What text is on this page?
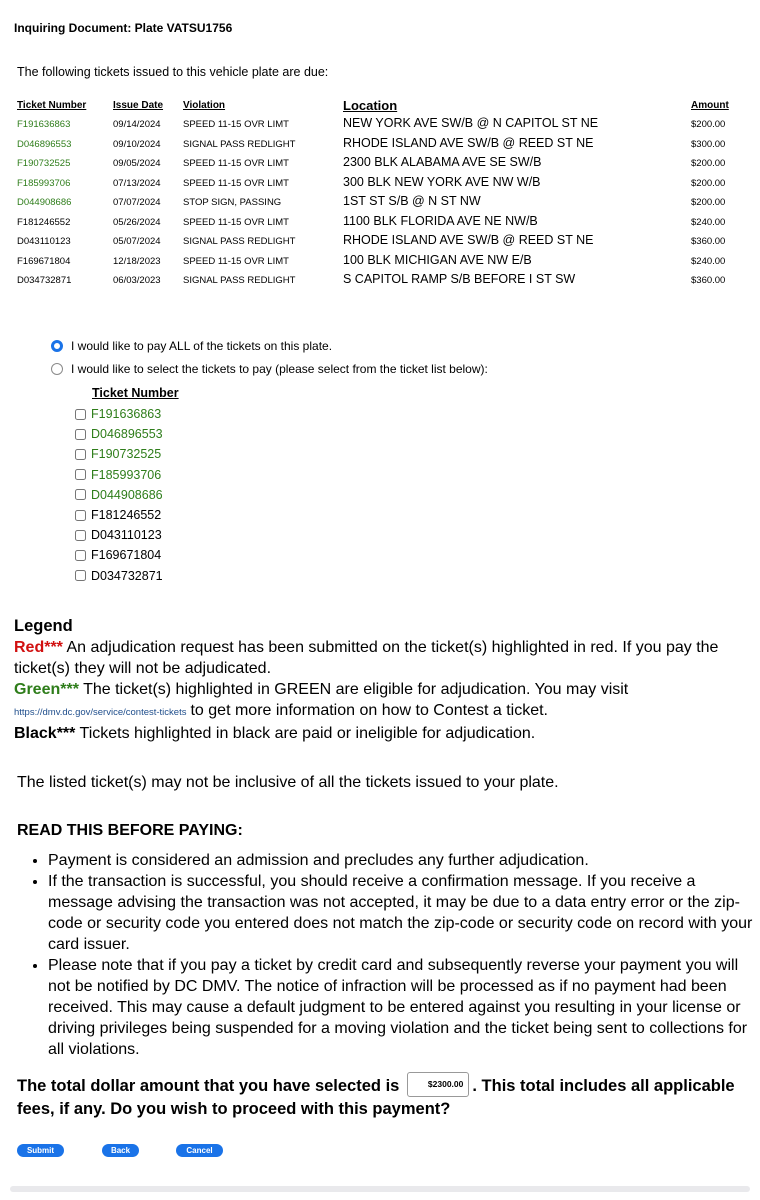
Inquiring Document: Plate VATSU1756
The following tickets issued to this vehicle plate are due:
Ticket Number	Issue Date Violation	Location	Amount
F191636863	09/14/2024 SPEED 11-15 OVR LIMT	NEW YORK AVE SW/B @ N CAPITOL ST NE	$200.00
D046896553	09/10/2024 SIGNAL PASS REDLIGHT	RHODE ISLAND AVE SW/B @ REED ST NE	$300.00
F190732525	09/05/2024 SPEED 11-15 OVR LIMT	2300 BLK ALABAMA AVE SE SW/B	$200.00
F185993706	07/13/2024 SPEED 11-15 OVR LIMT	300 BLK NEW YORK AVE NW W/B	$200.00
D044908686	07/07/2024 STOP SIGN, PASSING	1ST ST S/B @ N ST NW	$200.00
F181246552	05/26/2024 SPEED 11-15 OVR LIMT	1100 BLK FLORIDA AVE NE NW/B	$240.00
D043110123	05/07/2024 SIGNAL PASS REDLIGHT	RHODE ISLAND AVE SW/B @ REED ST NE	$360.00
F169671804	12/18/2023 SPEED 11-15 OVR LIMT	100 BLK MICHIGAN AVE NW E/B	$240.00
D034732871	06/03/2023 SIGNAL PASS REDLIGHT	S CAPITOL RAMP S/B BEFORE I ST SW	$360.00
I would like to pay ALL of the tickets on this plate.
I would like to select the tickets to pay (please select from the ticket list below):
Ticket Number
F191636863
D046896553
F190732525
F185993706
D044908686
F181246552
D043110123
F169671804
D034732871
Legend
Red*** An adjudication request has been submitted on the ticket(s) highlighted in red. If you pay the ticket(s) they will not be adjudicated.
Green*** The ticket(s) highlighted in GREEN are eligible for adjudication. You may visit
https://dmv.dc.gov/service/contest-tickets to get more information on how to Contest a ticket.
Black*** Tickets highlighted in black are paid or ineligible for adjudication.
The listed ticket(s) may not be inclusive of all the tickets issued to your plate.
READ THIS BEFORE PAYING:
• Payment is considered an admission and precludes any further adjudication.
• If the transaction is successful, you should receive a confirmation message. If you receive a message advising the transaction was not accepted, it may be due to a data entry error or the zip-code or security code you entered does not match the zip-code or security code on record with your card issuer.
• Please note that if you pay a ticket by credit card and subsequently reverse your payment you will not be notified by DC DMV. The notice of infraction will be processed as if no payment had been received. This may cause a default judgment to be entered against you resulting in your license or driving privileges being suspended for a moving violation and the ticket being sent to collections for all violations.
The total dollar amount that you have selected is	$2300.00 . This total includes all applicable fees, if any. Do you wish to proceed with this payment?
Submit	Back	Cancel
